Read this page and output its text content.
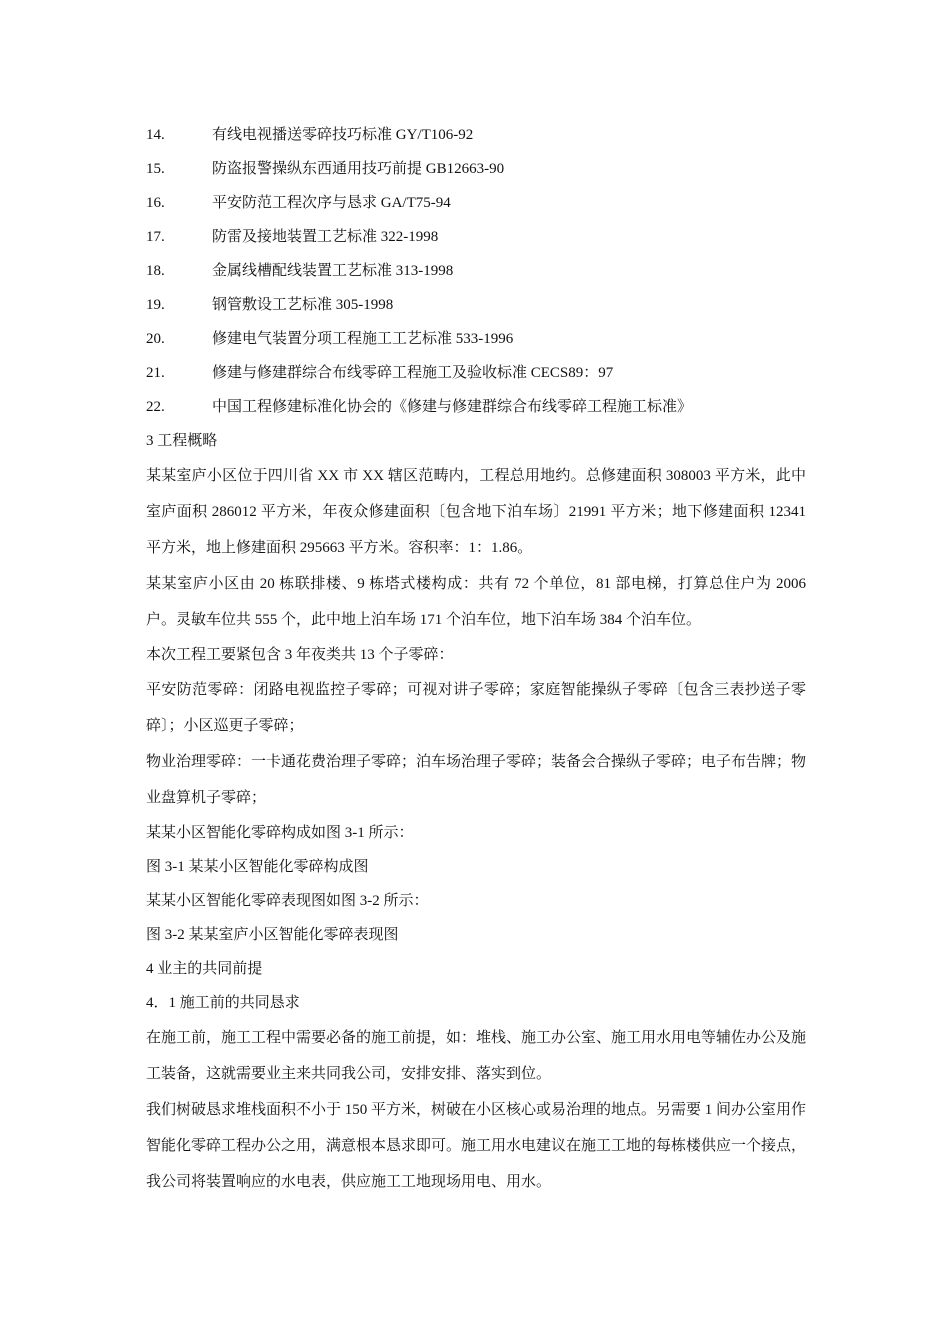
14.	有线电视播送零碎技巧标准 GY/T106-92
15.	防盗报警操纵东西通用技巧前提 GB12663-90
16.	平安防范工程次序与恳求 GA/T75-94
17.	防雷及接地装置工艺标准 322-1998
18.	金属线槽配线装置工艺标准 313-1998
19.	钢管敷设工艺标准 305-1998
20.	修建电气装置分项工程施工工艺标准 533-1996
21.	修建与修建群综合布线零碎工程施工及验收标准 CECS89：97
22.	中国工程修建标准化协会的《修建与修建群综合布线零碎工程施工标准》
3 工程概略
某某室庐小区位于四川省 XX 市 XX 辖区范畴内，工程总用地约。总修建面积 308003 平方米，此中室庐面积 286012 平方米，年夜众修建面积〔包含地下泊车场〕21991 平方米；地下修建面积 12341 平方米，地上修建面积 295663 平方米。容积率：1：1.86。
某某室庐小区由 20 栋联排楼、9 栋塔式楼构成：共有 72 个单位，81 部电梯，打算总住户为 2006 户。灵敏车位共 555 个，此中地上泊车场 171 个泊车位，地下泊车场 384 个泊车位。
本次工程工要紧包含 3 年夜类共 13 个子零碎：
平安防范零碎：闭路电视监控子零碎；可视对讲子零碎；家庭智能操纵子零碎〔包含三表抄送子零碎〕；小区巡更子零碎；
物业治理零碎：一卡通花费治理子零碎；泊车场治理子零碎；装备会合操纵子零碎；电子布告牌；物业盘算机子零碎；
某某小区智能化零碎构成如图 3-1 所示：
图 3-1 某某小区智能化零碎构成图
某某小区智能化零碎表现图如图 3-2 所示：
图 3-2 某某室庐小区智能化零碎表现图
4 业主的共同前提
4．1 施工前的共同恳求
在施工前，施工工程中需要必备的施工前提，如：堆栈、施工办公室、施工用水用电等辅佐办公及施工装备，这就需要业主来共同我公司，安排安排、落实到位。
我们树破恳求堆栈面积不小于 150 平方米，树破在小区核心或易治理的地点。另需要 1 间办公室用作智能化零碎工程办公之用，满意根本恳求即可。施工用水电建议在施工工地的每栋楼供应一个接点，我公司将装置响应的水电表，供应施工工地现场用电、用水。
